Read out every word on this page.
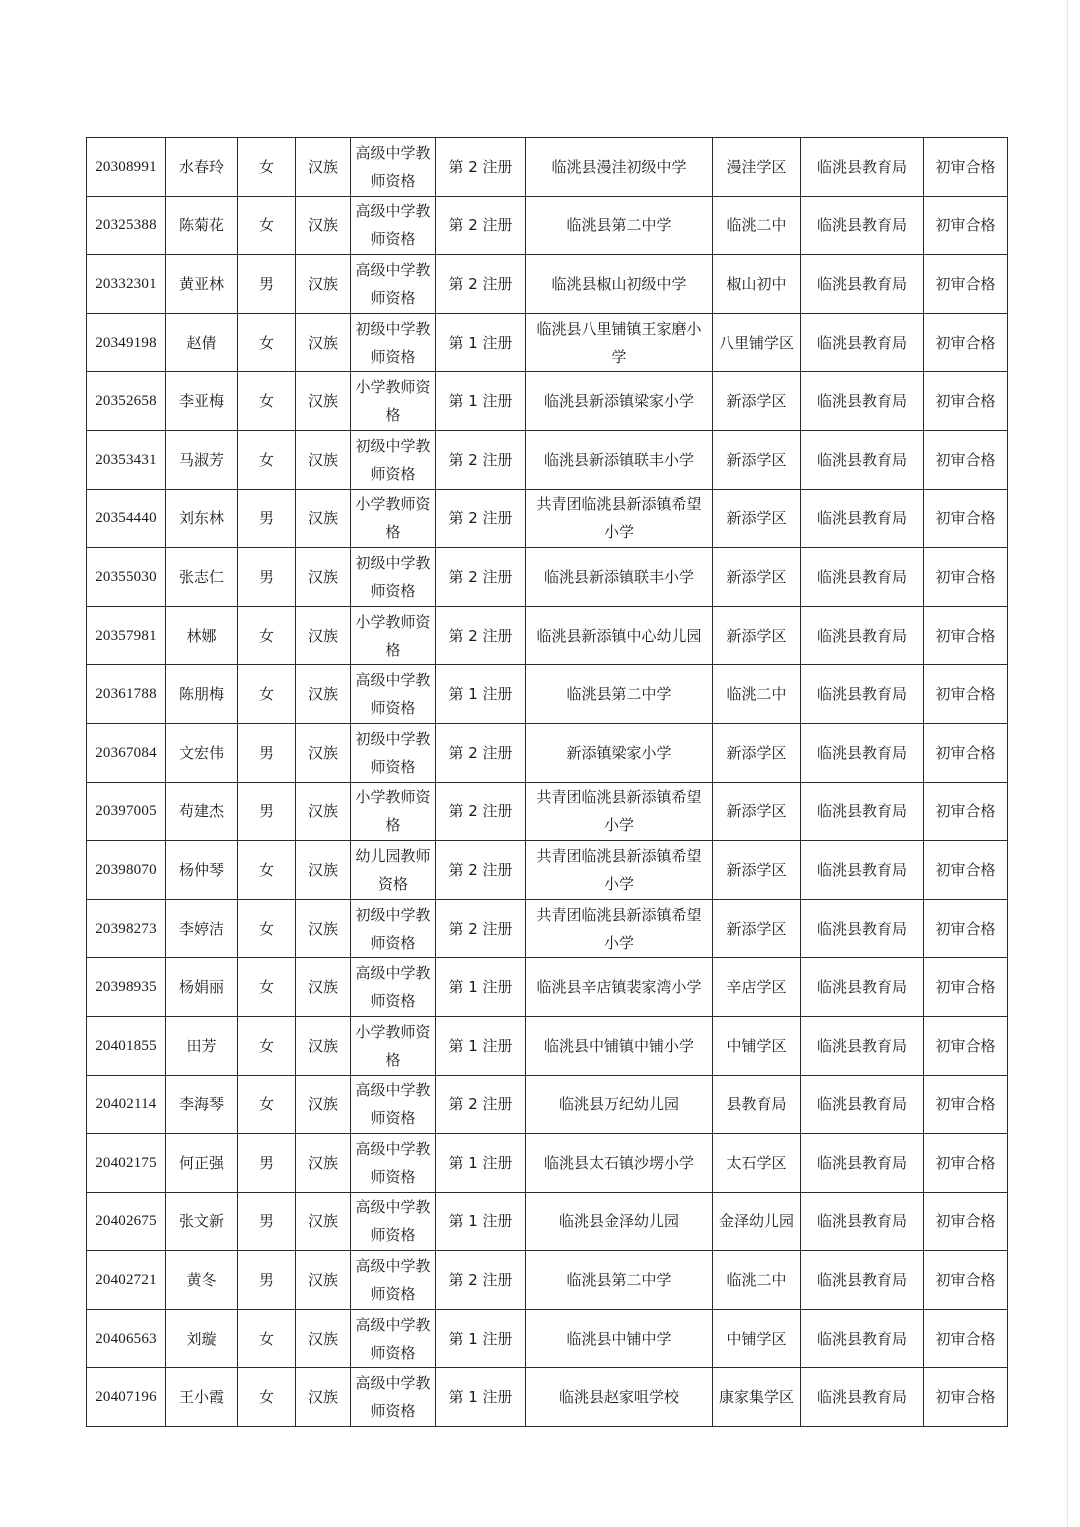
20308991	水春玲	女	汉族	高级中学教师资格	第 2 注册	临洮县漫洼初级中学	漫洼学区	临洮县教育局	初审合格
20325388	陈菊花	女	汉族	高级中学教师资格	第 2 注册	临洮县第二中学	临洮二中	临洮县教育局	初审合格
20332301	黄亚林	男	汉族	高级中学教师资格	第 2 注册	临洮县椒山初级中学	椒山初中	临洮县教育局	初审合格
20349198	赵倩	女	汉族	初级中学教师资格	第 1 注册	临洮县八里铺镇王家磨小学	八里铺学区	临洮县教育局	初审合格
20352658	李亚梅	女	汉族	小学教师资格	第 1 注册	临洮县新添镇梁家小学	新添学区	临洮县教育局	初审合格
20353431	马淑芳	女	汉族	初级中学教师资格	第 2 注册	临洮县新添镇联丰小学	新添学区	临洮县教育局	初审合格
20354440	刘东林	男	汉族	小学教师资格	第 2 注册	共青团临洮县新添镇希望小学	新添学区	临洮县教育局	初审合格
20355030	张志仁	男	汉族	初级中学教师资格	第 2 注册	临洮县新添镇联丰小学	新添学区	临洮县教育局	初审合格
20357981	林娜	女	汉族	小学教师资格	第 2 注册	临洮县新添镇中心幼儿园	新添学区	临洮县教育局	初审合格
20361788	陈朋梅	女	汉族	高级中学教师资格	第 1 注册	临洮县第二中学	临洮二中	临洮县教育局	初审合格
20367084	文宏伟	男	汉族	初级中学教师资格	第 2 注册	新添镇梁家小学	新添学区	临洮县教育局	初审合格
20397005	苟建杰	男	汉族	小学教师资格	第 2 注册	共青团临洮县新添镇希望小学	新添学区	临洮县教育局	初审合格
20398070	杨仲琴	女	汉族	幼儿园教师资格	第 2 注册	共青团临洮县新添镇希望小学	新添学区	临洮县教育局	初审合格
20398273	李婷洁	女	汉族	初级中学教师资格	第 2 注册	共青团临洮县新添镇希望小学	新添学区	临洮县教育局	初审合格
20398935	杨娟丽	女	汉族	高级中学教师资格	第 1 注册	临洮县辛店镇裴家湾小学	辛店学区	临洮县教育局	初审合格
20401855	田芳	女	汉族	小学教师资格	第 1 注册	临洮县中铺镇中铺小学	中铺学区	临洮县教育局	初审合格
20402114	李海琴	女	汉族	高级中学教师资格	第 2 注册	临洮县万纪幼儿园	县教育局	临洮县教育局	初审合格
20402175	何正强	男	汉族	高级中学教师资格	第 1 注册	临洮县太石镇沙塄小学	太石学区	临洮县教育局	初审合格
20402675	张文新	男	汉族	高级中学教师资格	第 1 注册	临洮县金泽幼儿园	金泽幼儿园	临洮县教育局	初审合格
20402721	黄冬	男	汉族	高级中学教师资格	第 2 注册	临洮县第二中学	临洮二中	临洮县教育局	初审合格
20406563	刘璇	女	汉族	高级中学教师资格	第 1 注册	临洮县中铺中学	中铺学区	临洮县教育局	初审合格
20407196	王小霞	女	汉族	高级中学教师资格	第 1 注册	临洮县赵家咀学校	康家集学区	临洮县教育局	初审合格
